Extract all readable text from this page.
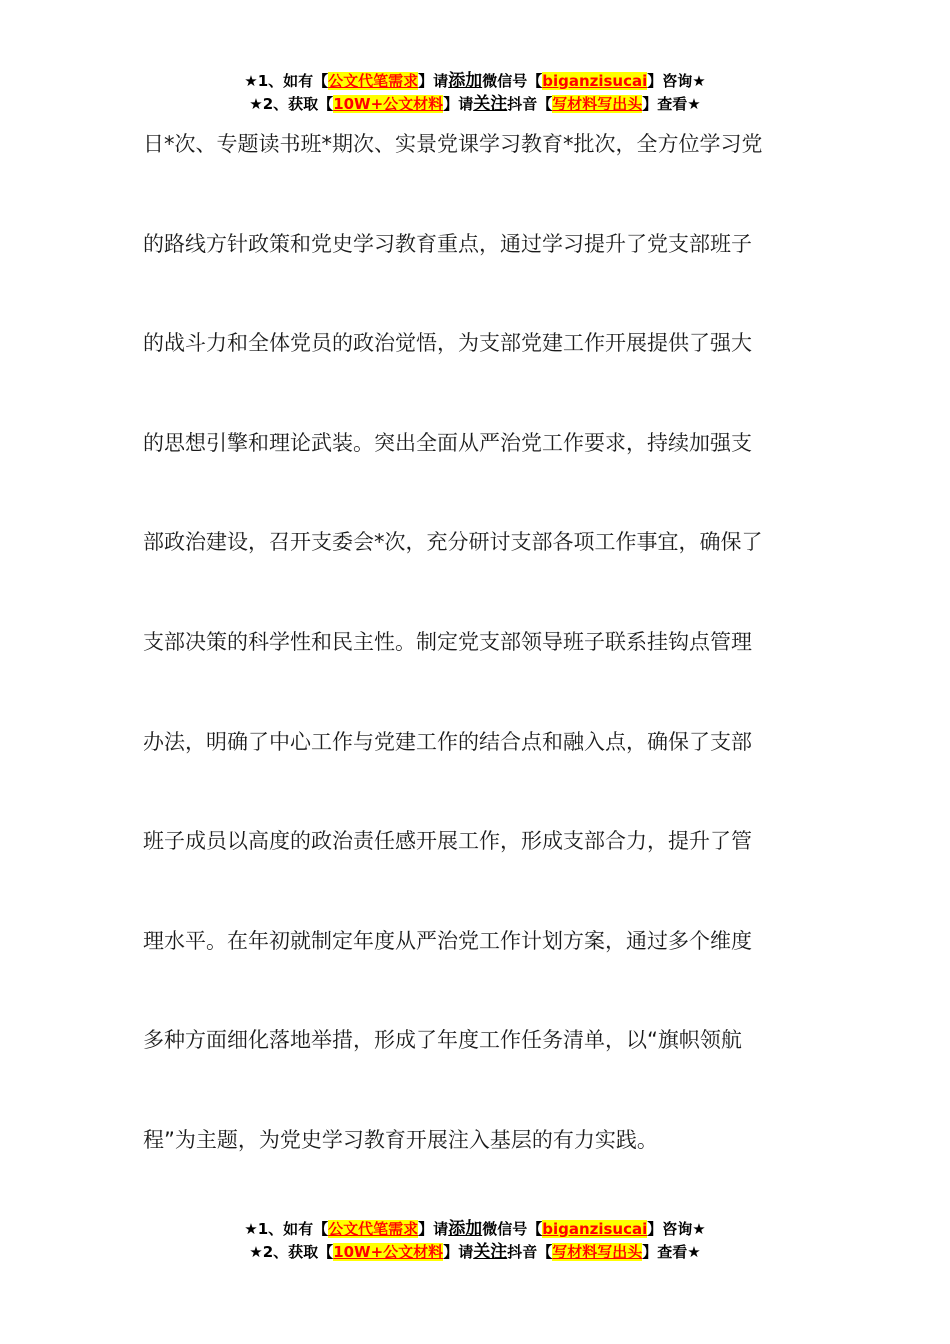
★1、如有【公文代笔需求】请添加微信号【biganzisucai】咨询★
★2、获取【10W+公文材料】请关注抖音【写材料写出头】查看★
日*次、专题读书班*期次、实景党课学习教育*批次，全方位学习党
的路线方针政策和党史学习教育重点，通过学习提升了党支部班子
的战斗力和全体党员的政治觉悟，为支部党建工作开展提供了强大
的思想引擎和理论武装。突出全面从严治党工作要求，持续加强支
部政治建设，召开支委会*次，充分研讨支部各项工作事宜，确保了
支部决策的科学性和民主性。制定党支部领导班子联系挂钩点管理
办法，明确了中心工作与党建工作的结合点和融入点，确保了支部
班子成员以高度的政治责任感开展工作，形成支部合力，提升了管
理水平。在年初就制定年度从严治党工作计划方案，通过多个维度
多种方面细化落地举措，形成了年度工作任务清单，以“旗帜领航
程”为主题，为党史学习教育开展注入基层的有力实践。
★1、如有【公文代笔需求】请添加微信号【biganzisucai】咨询★
★2、获取【10W+公文材料】请关注抖音【写材料写出头】查看★
